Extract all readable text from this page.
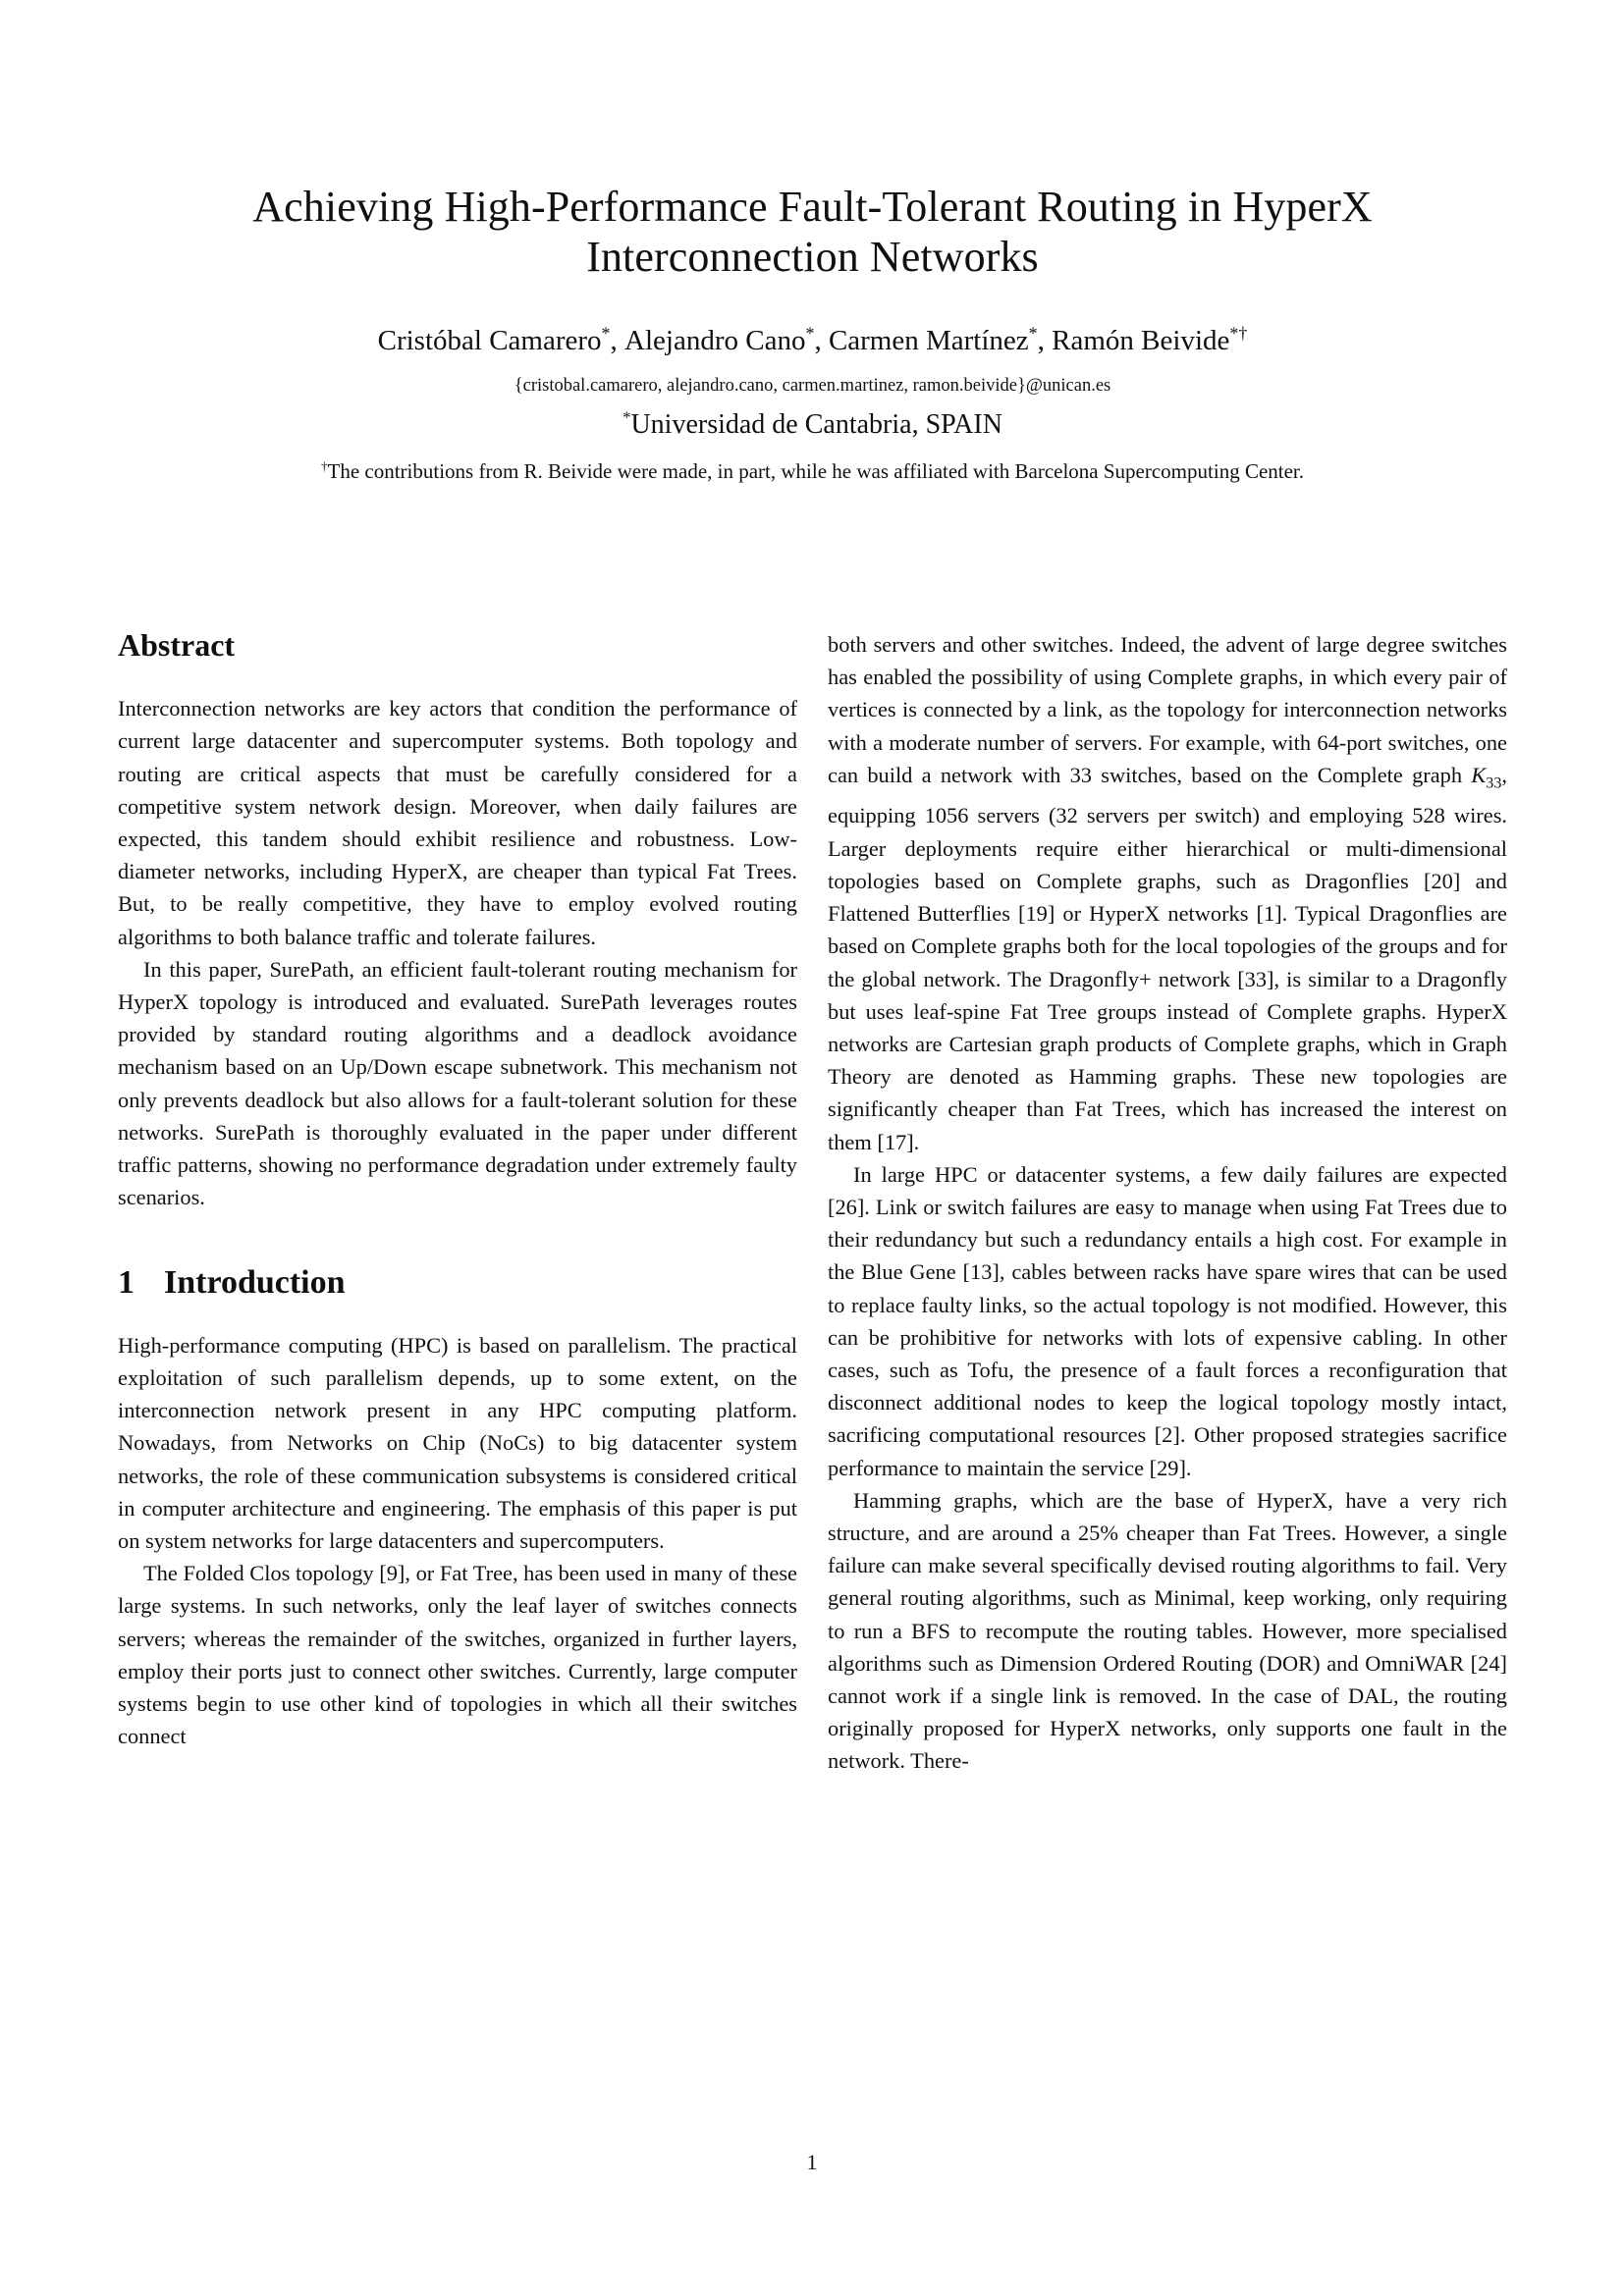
Achieving High-Performance Fault-Tolerant Routing in HyperX Interconnection Networks
Cristóbal Camarero*, Alejandro Cano*, Carmen Martínez*, Ramón Beivide*†
{cristobal.camarero, alejandro.cano, carmen.martinez, ramon.beivide}@unican.es
*Universidad de Cantabria, SPAIN
†The contributions from R. Beivide were made, in part, while he was affiliated with Barcelona Supercomputing Center.
Abstract

Interconnection networks are key actors that condition the performance of current large datacenter and supercomputer systems. Both topology and routing are critical aspects that must be carefully considered for a competitive system network design. Moreover, when daily failures are expected, this tandem should exhibit resilience and robustness. Low-diameter networks, including HyperX, are cheaper than typical Fat Trees. But, to be really competitive, they have to employ evolved routing algorithms to both balance traffic and tolerate failures.

In this paper, SurePath, an efficient fault-tolerant routing mechanism for HyperX topology is introduced and evaluated. SurePath leverages routes provided by standard routing algorithms and a deadlock avoidance mechanism based on an Up/Down escape subnetwork. This mechanism not only prevents deadlock but also allows for a fault-tolerant solution for these networks. SurePath is thoroughly evaluated in the paper under different traffic patterns, showing no performance degradation under extremely faulty scenarios.

1 Introduction

High-performance computing (HPC) is based on parallelism. The practical exploitation of such parallelism depends, up to some extent, on the interconnection network present in any HPC computing platform. Nowadays, from Networks on Chip (NoCs) to big datacenter system networks, the role of these communication subsystems is considered critical in computer architecture and engineering. The emphasis of this paper is put on system networks for large datacenters and supercomputers.

The Folded Clos topology [9], or Fat Tree, has been used in many of these large systems. In such networks, only the leaf layer of switches connects servers; whereas the remainder of the switches, organized in further layers, employ their ports just to connect other switches. Currently, large computer systems begin to use other kind of topologies in which all their switches connect

both servers and other switches. Indeed, the advent of large degree switches has enabled the possibility of using Complete graphs, in which every pair of vertices is connected by a link, as the topology for interconnection networks with a moderate number of servers. For example, with 64-port switches, one can build a network with 33 switches, based on the Complete graph $K_{33}$, equipping 1056 servers (32 servers per switch) and employing 528 wires. Larger deployments require either hierarchical or multi-dimensional topologies based on Complete graphs, such as Dragonflies [20] and Flattened Butterflies [19] or HyperX networks [1]. Typical Dragonflies are based on Complete graphs both for the local topologies of the groups and for the global network. The Dragonfly+ network [33], is similar to a Dragonfly but uses leaf-spine Fat Tree groups instead of Complete graphs. HyperX networks are Cartesian graph products of Complete graphs, which in Graph Theory are denoted as Hamming graphs. These new topologies are significantly cheaper than Fat Trees, which has increased the interest on them [17].

In large HPC or datacenter systems, a few daily failures are expected [26]. Link or switch failures are easy to manage when using Fat Trees due to their redundancy but such a redundancy entails a high cost. For example in the Blue Gene [13], cables between racks have spare wires that can be used to replace faulty links, so the actual topology is not modified. However, this can be prohibitive for networks with lots of expensive cabling. In other cases, such as Tofu, the presence of a fault forces a reconfiguration that disconnect additional nodes to keep the logical topology mostly intact, sacrificing computational resources [2]. Other proposed strategies sacrifice performance to maintain the service [29].

Hamming graphs, which are the base of HyperX, have a very rich structure, and are around a 25% cheaper than Fat Trees. However, a single failure can make several specifically devised routing algorithms to fail. Very general routing algorithms, such as Minimal, keep working, only requiring to run a BFS to recompute the routing tables. However, more specialised algorithms such as Dimension Ordered Routing (DOR) and OmniWAR [24] cannot work if a single link is removed. In the case of DAL, the routing originally proposed for HyperX networks, only supports one fault in the network. There-

1
